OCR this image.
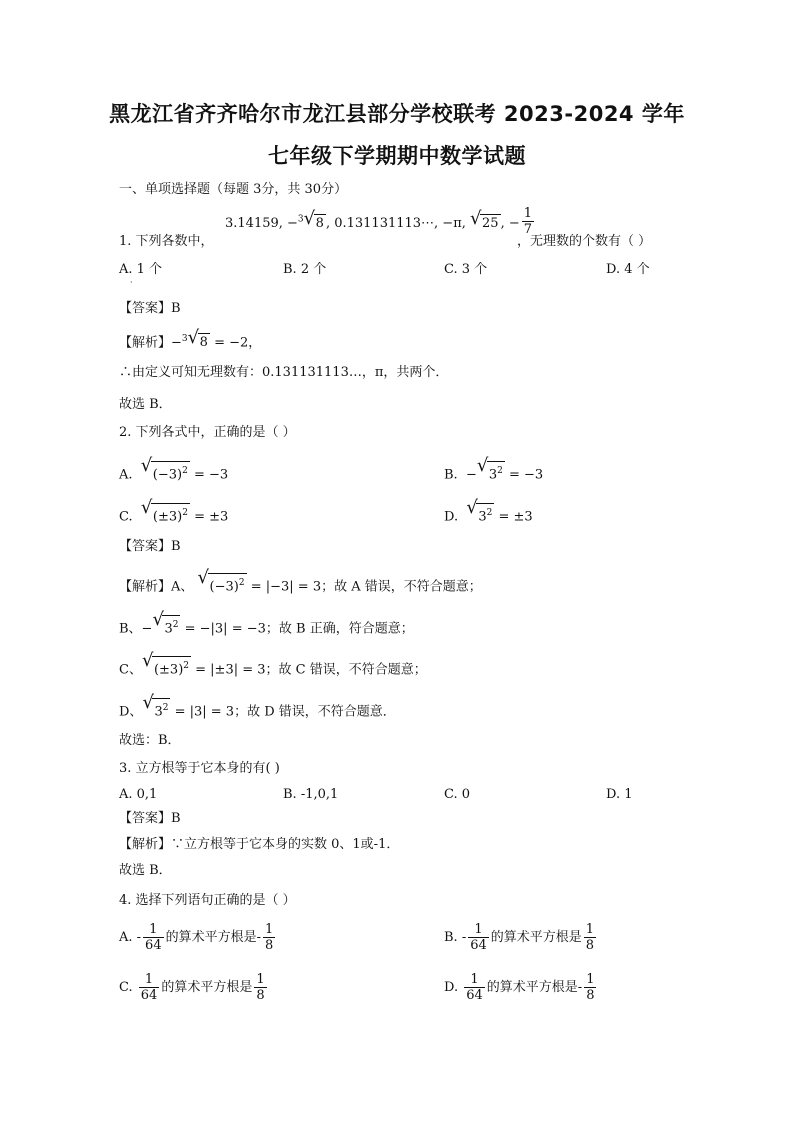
黑龙江省齐齐哈尔市龙江县部分学校联考 2023-2024 学年
七年级下学期期中数学试题
一、单项选择题（每题 3分，共 30分）
3.14159, −$^3$ √ 8 , 0.131131113⋯, −π, √ 25 , − $\frac{1}{7}$
1. 下列各数中，	，无理数的个数有（ ）
A. 1 个
·
B. 2 个	C. 3 个	D. 4 个
【答案】B
【解析】−$^3$ √ 8 = −2，
∴由定义可知无理数有：0.131131113…，π，共两个．
故选 B．
2. 下列各式中，正确的是（ ）
A. √ $(-3)^2 = -3$	B. − √ $3^2 = -3$
C. √ $(\pm 3)^2 = \pm 3$	D. √ $3^2 = \pm 3$
【答案】B
【解析】A、 √ $(-3)^2 = |-3| = 3$；故 A 错误，不符合题意；
B、− √ $3^2 = -|3| = -3$；故 B 正确，符合题意；
C、 √ $(\pm 3)^2 = |\pm 3| = 3$；故 C 错误，不符合题意；
D、 √ $3^2 = |3| = 3$；故 D 错误，不符合题意．
故选：B．
3. 立方根等于它本身的有( )
A. 0,1	B. -1,0,1	C. 0	D. 1
【答案】B
【解析】∵立方根等于它本身的实数 0、1或-1．
故选 B．
4. 选择下列语句正确的是（ ）
A. - $\frac{1}{64}$ 的算术平方根是- $\frac{1}{8}$	B. - $\frac{1}{64}$ 的算术平方根是 $\frac{1}{8}$
C. $\frac{1}{64}$ 的算术平方根是 $\frac{1}{8}$	D. $\frac{1}{64}$ 的算术平方根是- $\frac{1}{8}$
